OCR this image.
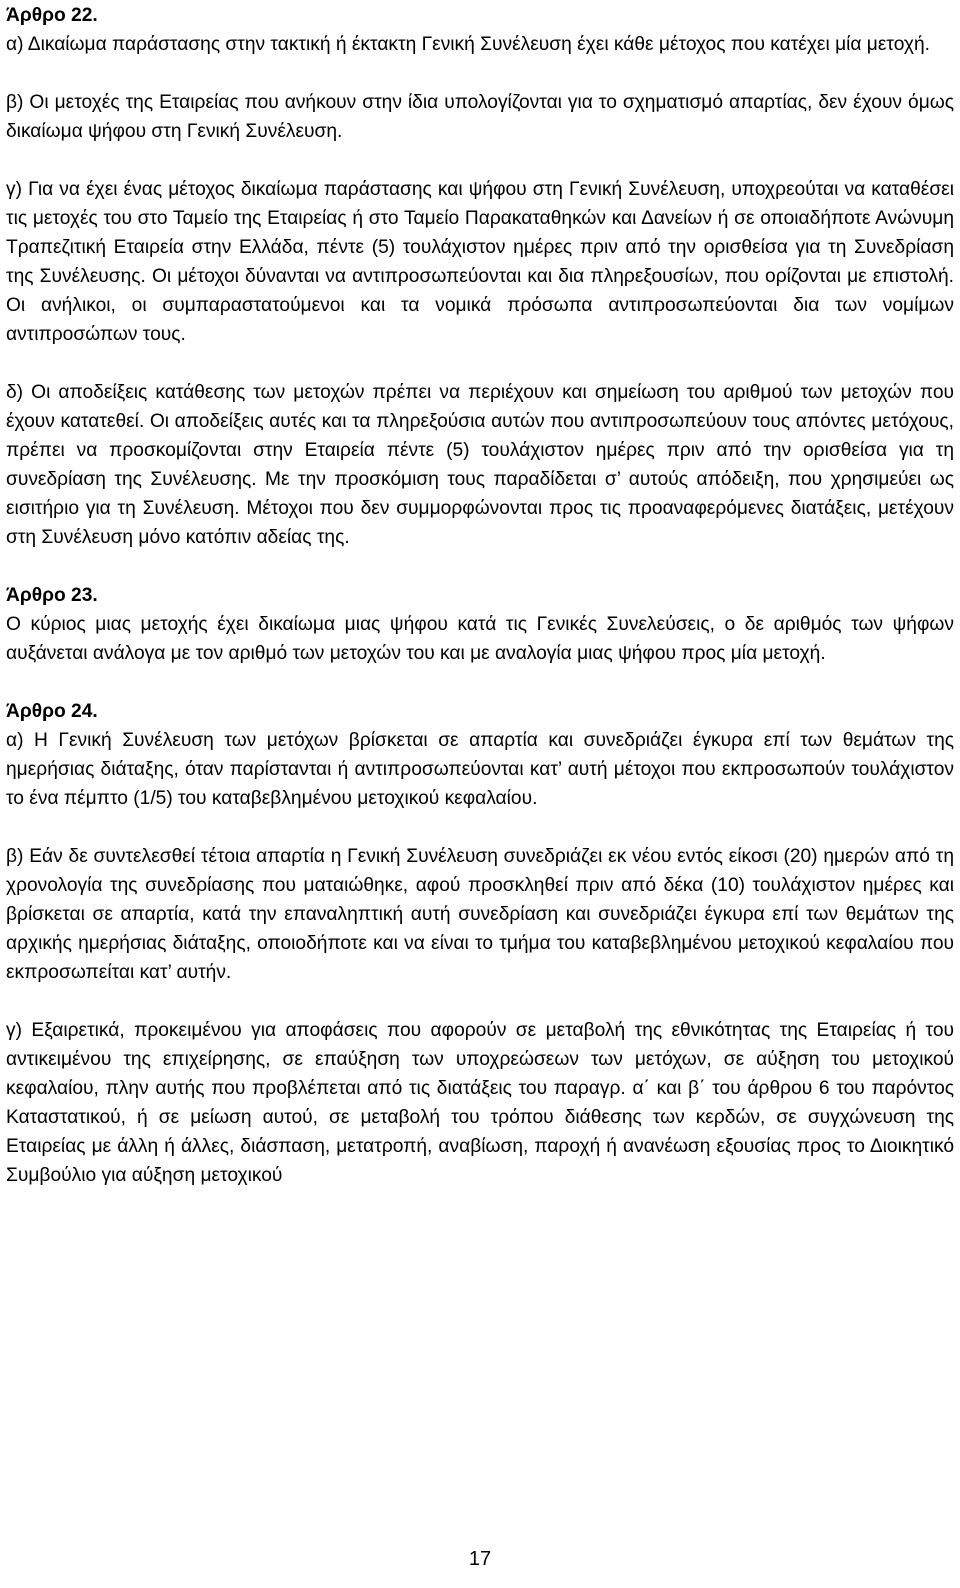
Άρθρο 22.

α) Δικαίωμα παράστασης στην τακτική ή έκτακτη Γενική Συνέλευση έχει κάθε μέτοχος που κατέχει μία μετοχή.

β) Οι μετοχές της Εταιρείας που ανήκουν στην ίδια υπολογίζονται για το σχηματισμό απαρτίας, δεν έχουν όμως δικαίωμα ψήφου στη Γενική Συνέλευση.

γ) Για να έχει ένας μέτοχος δικαίωμα παράστασης και ψήφου στη Γενική Συνέλευση, υποχρεούται να καταθέσει τις μετοχές του στο Ταμείο της Εταιρείας ή στο Ταμείο Παρακαταθηκών και Δανείων ή σε οποιαδήποτε Ανώνυμη Τραπεζιτική Εταιρεία στην Ελλάδα, πέντε (5) τουλάχιστον ημέρες πριν από την ορισθείσα για τη Συνεδρίαση της Συνέλευσης. Οι μέτοχοι δύνανται να αντιπροσωπεύονται και δια πληρεξουσίων, που ορίζονται με επιστολή. Οι ανήλικοι, οι συμπαραστατούμενοι και τα νομικά πρόσωπα αντιπροσωπεύονται δια των νομίμων αντιπροσώπων τους.

δ) Οι αποδείξεις κατάθεσης των μετοχών πρέπει να περιέχουν και σημείωση του αριθμού των μετοχών που έχουν κατατεθεί. Οι αποδείξεις αυτές και τα πληρεξούσια αυτών που αντιπροσωπεύουν τους απόντες μετόχους, πρέπει να προσκομίζονται στην Εταιρεία πέντε (5) τουλάχιστον ημέρες πριν από την ορισθείσα για τη συνεδρίαση της Συνέλευσης. Με την προσκόμιση τους παραδίδεται σ’ αυτούς απόδειξη, που χρησιμεύει ως εισιτήριο για τη Συνέλευση. Μέτοχοι που δεν συμμορφώνονται προς τις προαναφερόμενες διατάξεις, μετέχουν στη Συνέλευση μόνο κατόπιν αδείας της.

Άρθρο 23.

Ο κύριος μιας μετοχής έχει δικαίωμα μιας ψήφου κατά τις Γενικές Συνελεύσεις, ο δε αριθμός των ψήφων αυξάνεται ανάλογα με τον αριθμό των μετοχών του και με αναλογία μιας ψήφου προς μία μετοχή.

Άρθρο 24.

α) Η Γενική Συνέλευση των μετόχων βρίσκεται σε απαρτία και συνεδριάζει έγκυρα επί των θεμάτων της ημερήσιας διάταξης, όταν παρίστανται ή αντιπροσωπεύονται κατ’ αυτή μέτοχοι που εκπροσωπούν τουλάχιστον το ένα πέμπτο (1/5) του καταβεβλημένου μετοχικού κεφαλαίου.

β) Εάν δε συντελεσθεί τέτοια απαρτία η Γενική Συνέλευση συνεδριάζει εκ νέου εντός είκοσι (20) ημερών από τη χρονολογία της συνεδρίασης που ματαιώθηκε, αφού προσκληθεί πριν από δέκα (10) τουλάχιστον ημέρες και βρίσκεται σε απαρτία, κατά την επαναληπτική αυτή συνεδρίαση και συνεδριάζει έγκυρα επί των θεμάτων της αρχικής ημερήσιας διάταξης, οποιοδήποτε και να είναι το τμήμα του καταβεβλημένου μετοχικού κεφαλαίου που εκπροσωπείται κατ’ αυτήν.

γ) Εξαιρετικά, προκειμένου για αποφάσεις που αφορούν σε μεταβολή της εθνικότητας της Εταιρείας ή του αντικειμένου της επιχείρησης, σε επαύξηση των υποχρεώσεων των μετόχων, σε αύξηση του μετοχικού κεφαλαίου, πλην αυτής που προβλέπεται από τις διατάξεις του παραγρ. α΄ και β΄ του άρθρου 6 του παρόντος Καταστατικού, ή σε μείωση αυτού, σε μεταβολή του τρόπου διάθεσης των κερδών, σε συγχώνευση της Εταιρείας με άλλη ή άλλες, διάσπαση, μετατροπή, αναβίωση, παροχή ή ανανέωση εξουσίας προς το Διοικητικό Συμβούλιο για αύξηση μετοχικού

17
